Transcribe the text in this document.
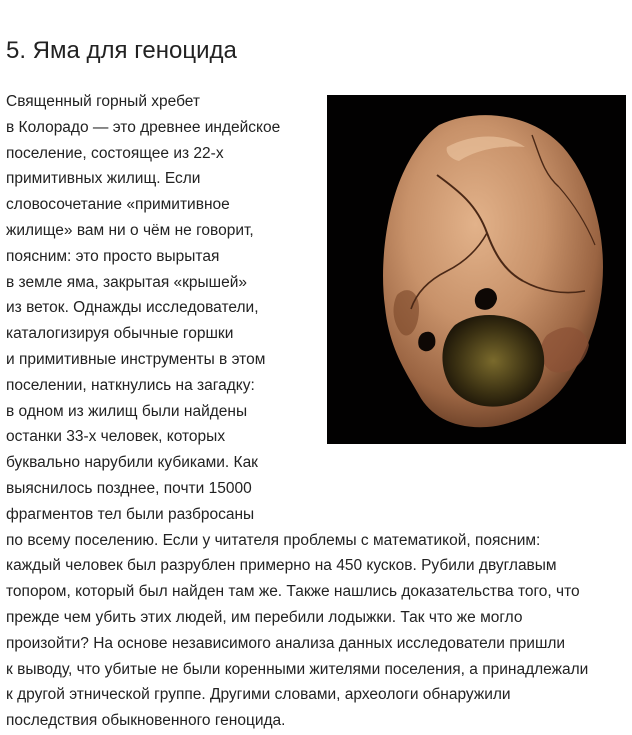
5. Яма для геноцида
Священный горный хребет
в Колорадо — это древнее индейское
поселение, состоящее из 22-х
примитивных жилищ. Если
словосочетание «примитивное
жилище» вам ни о чём не говорит,
поясним: это просто вырытая
в земле яма, закрытая «крышей»
из веток. Однажды исследователи,
каталогизируя обычные горшки
и примитивные инструменты в этом
поселении, наткнулись на загадку:
в одном из жилищ были найдены
останки 33-х человек, которых
буквально нарубили кубиками. Как
выяснилось позднее, почти 15000
фрагментов тел были разбросаны
по всему поселению. Если у читателя проблемы с математикой, поясним:
каждый человек был разрублен примерно на 450 кусков. Рубили двуглавым
топором, который был найден там же. Также нашлись доказательства того, что
прежде чем убить этих людей, им перебили лодыжки. Так что же могло
произойти? На основе независимого анализа данных исследователи пришли
к выводу, что убитые не были коренными жителями поселения, а принадлежали
к другой этнической группе. Другими словами, археологи обнаружили
последствия обыкновенного геноцида.
